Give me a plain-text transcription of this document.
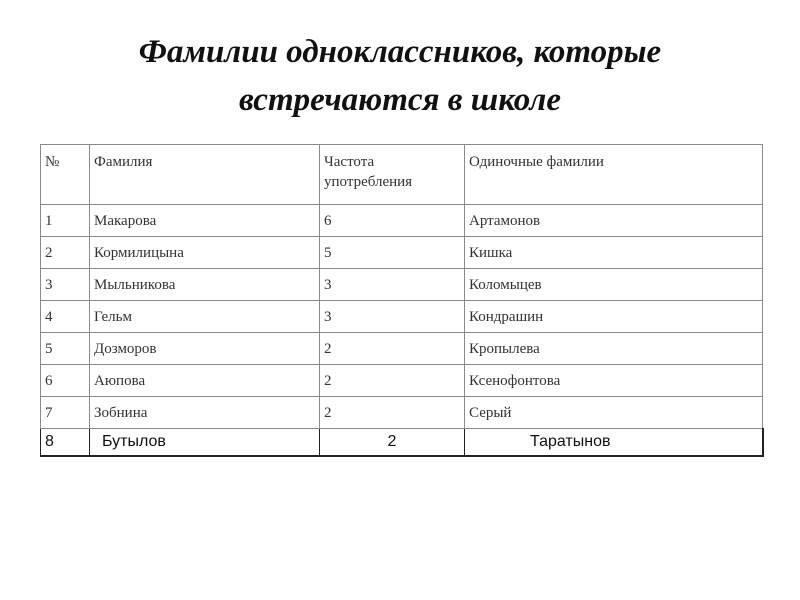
Фамилии одноклассников, которые
встречаются в школе
№	Фамилия	Частота употребления	Одиночные фамилии
1	Макарова	6	Артамонов
2	Кормилицына	5	Кишка
3	Мыльникова	3	Коломыцев
4	Гельм	3	Кондрашин
5	Дозморов	2	Кропылева
6	Аюпова	2	Ксенофонтова
7	Зобнина	2	Серый
8	Бутылов	2	Таратынов
